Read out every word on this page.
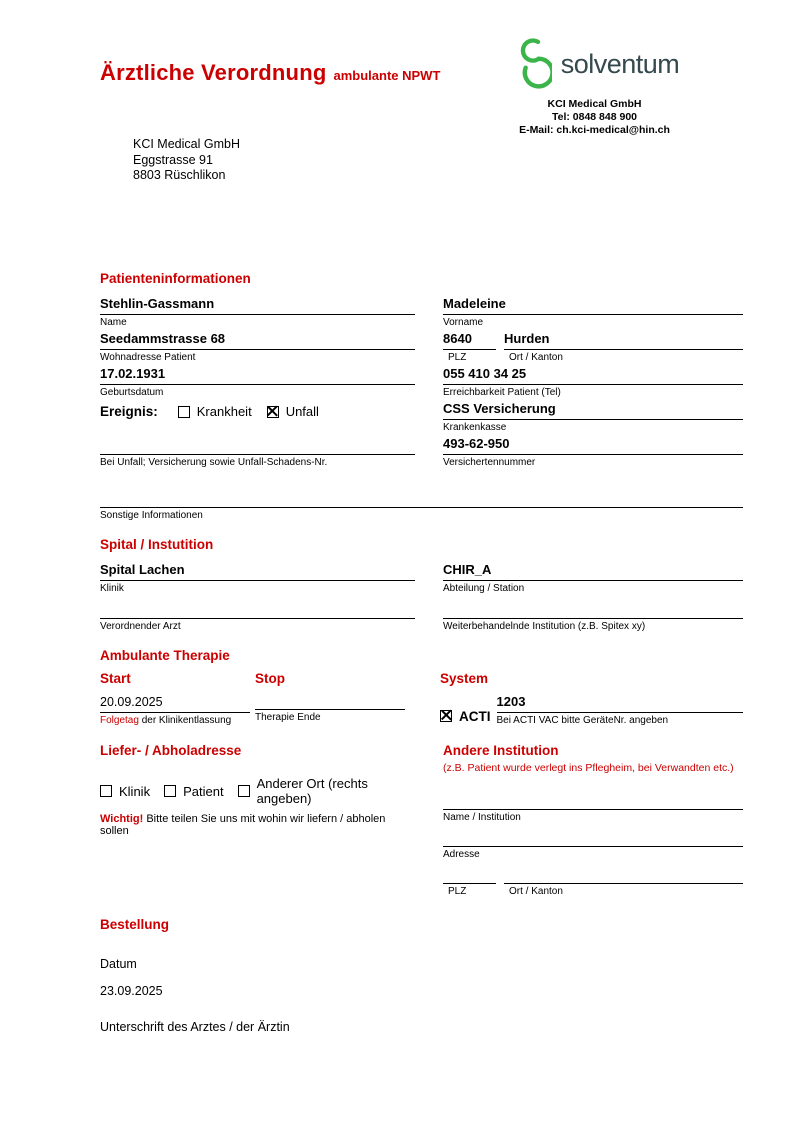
Ärztliche Verordnung ambulante NPWT	solventum
KCI Medical GmbH
Tel: 0848 848 900
E-Mail: ch.kci-medical@hin.ch
KCI Medical GmbH
Eggstrasse 91
8803 Rüschlikon
Patienteninformationen
Stehlin-Gassmann
Name
Madeleine
Vorname
Seedammstrasse 68
Wohnadresse Patient
8640
PLZ
Hurden
Ort / Kanton
17.02.1931
Geburtsdatum
055 410 34 25
Erreichbarkeit Patient (Tel)
Ereignis:	Krankheit	Unfall	CSS Versicherung
Krankenkasse
Bei Unfall; Versicherung sowie Unfall-Schadens-Nr.
493-62-950
Versichertennummer
Sonstige Informationen
Spital / Instutition
Spital Lachen
Klinik
CHIR_A
Abteilung / Station
Verordnender Arzt	Weiterbehandelnde Institution (z.B. Spitex xy)
Ambulante Therapie
Start
20.09.2025
Folgetag der Klinikentlassung
Stop
Therapie Ende
System
ACTI
1203
Bei ACTI VAC bitte GeräteNr. angeben
Liefer- / Abholadresse
Klinik	Patient	Anderer Ort (rechts angeben)
Wichtig! Bitte teilen Sie uns mit wohin wir liefern / abholen sollen
Andere Institution
(z.B. Patient wurde verlegt ins Pflegheim, bei Verwandten etc.)
Name / Institution
Adresse
PLZ	Ort / Kanton
Bestellung
Datum
23.09.2025
Unterschrift des Arztes / der Ärztin
